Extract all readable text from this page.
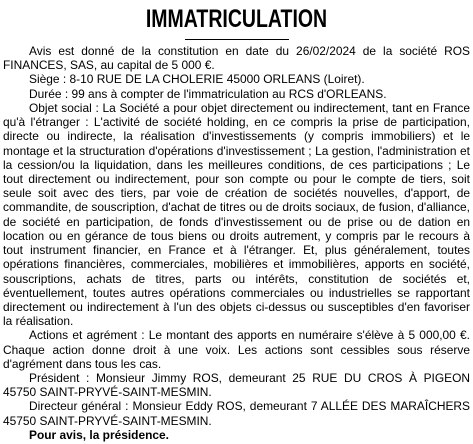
IMMATRICULATION

Avis est donné de la constitution en date du 26/02/2024 de la société ROS FINANCES, SAS, au capital de 5 000 €.

Siège : 8-10 RUE DE LA CHOLERIE 45000 ORLEANS (Loiret).

Durée : 99 ans à compter de l'immatriculation au RCS d'ORLEANS.

Objet social : La Société a pour objet directement ou indirectement, tant en France qu'à l'étranger : L'activité de société holding, en ce compris la prise de participation, directe ou indirecte, la réalisation d'investissements (y compris immobiliers) et le montage et la structuration d'opérations d'investissement ; La gestion, l'administration et la cession/ou la liquidation, dans les meilleures conditions, de ces participations ; Le tout directement ou indirectement, pour son compte ou pour le compte de tiers, soit seule soit avec des tiers, par voie de création de sociétés nouvelles, d'apport, de commandite, de souscription, d'achat de titres ou de droits sociaux, de fusion, d'alliance, de société en participation, de fonds d'investissement ou de prise ou de dation en location ou en gérance de tous biens ou droits autrement, y compris par le recours à tout instrument financier, en France et à l'étranger. Et, plus généralement, toutes opérations financières, commerciales, mobilières et immobilières, apports en société, souscriptions, achats de titres, parts ou intérêts, constitution de sociétés et, éventuellement, toutes autres opérations commerciales ou industrielles se rapportant directement ou indirectement à l'un des objets ci-dessus ou susceptibles d'en favoriser la réalisation.

Actions et agrément : Le montant des apports en numéraire s'élève à 5 000,00 €. Chaque action donne droit à une voix. Les actions sont cessibles sous réserve d'agrément dans tous les cas.

Président : Monsieur Jimmy ROS, demeurant 25 RUE DU CROS À PIGEON 45750 SAINT-PRYVÉ-SAINT-MESMIN.

Directeur général : Monsieur Eddy ROS, demeurant 7 ALLÉE DES MARAÎCHERS 45750 SAINT-PRYVÉ-SAINT-MESMIN.

Pour avis, la présidence.
